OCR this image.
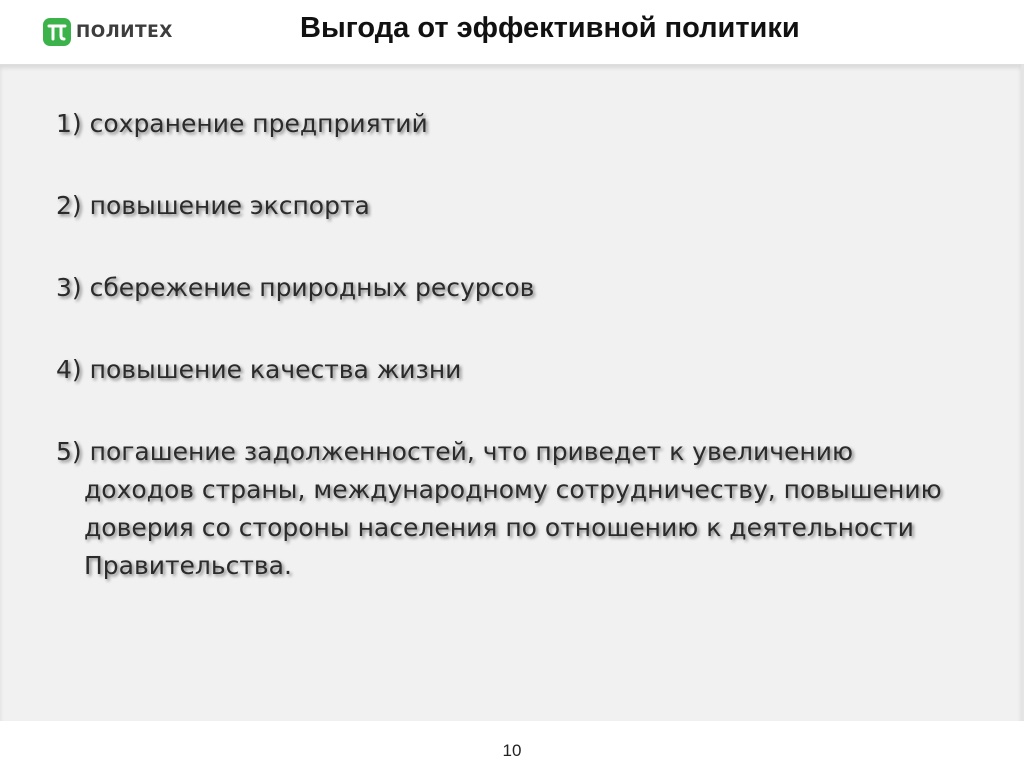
ПОЛИТЕХ	Выгода от эффективной политики
1) сохранение предприятий
2) повышение экспорта
3) сбережение природных ресурсов
4) повышение качества жизни
5) погашение задолженностей, что приведет к увеличению доходов страны, международному сотрудничеству, повышению доверия со стороны населения по отношению к деятельности Правительства.
10
